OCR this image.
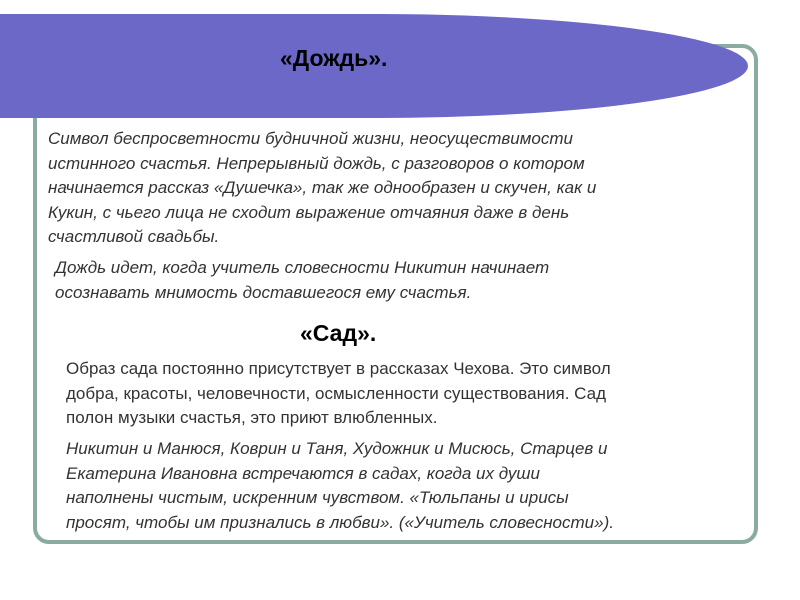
«Дождь».

Символ беспросветности будничной жизни, неосуществимости
истинного счастья. Непрерывный дождь, с разговоров о котором
начинается рассказ «Душечка», так же однообразен и скучен, как и
Кукин, с чьего лица не сходит выражение отчаяния даже в день
счастливой свадьбы.

Дождь идет, когда учитель словесности Никитин начинает
осознавать мнимость доставшегося ему счастья.

«Сад».

Образ сада постоянно присутствует в рассказах Чехова. Это символ
добра, красоты, человечности, осмысленности существования. Сад
полон музыки счастья, это приют влюбленных.

Никитин и Манюся, Коврин и Таня, Художник и Мисюсь, Старцев и
Екатерина Ивановна встречаются в садах, когда их души
наполнены чистым, искренним чувством. «Тюльпаны и ирисы
просят, чтобы им признались в любви». («Учитель словесности»).
